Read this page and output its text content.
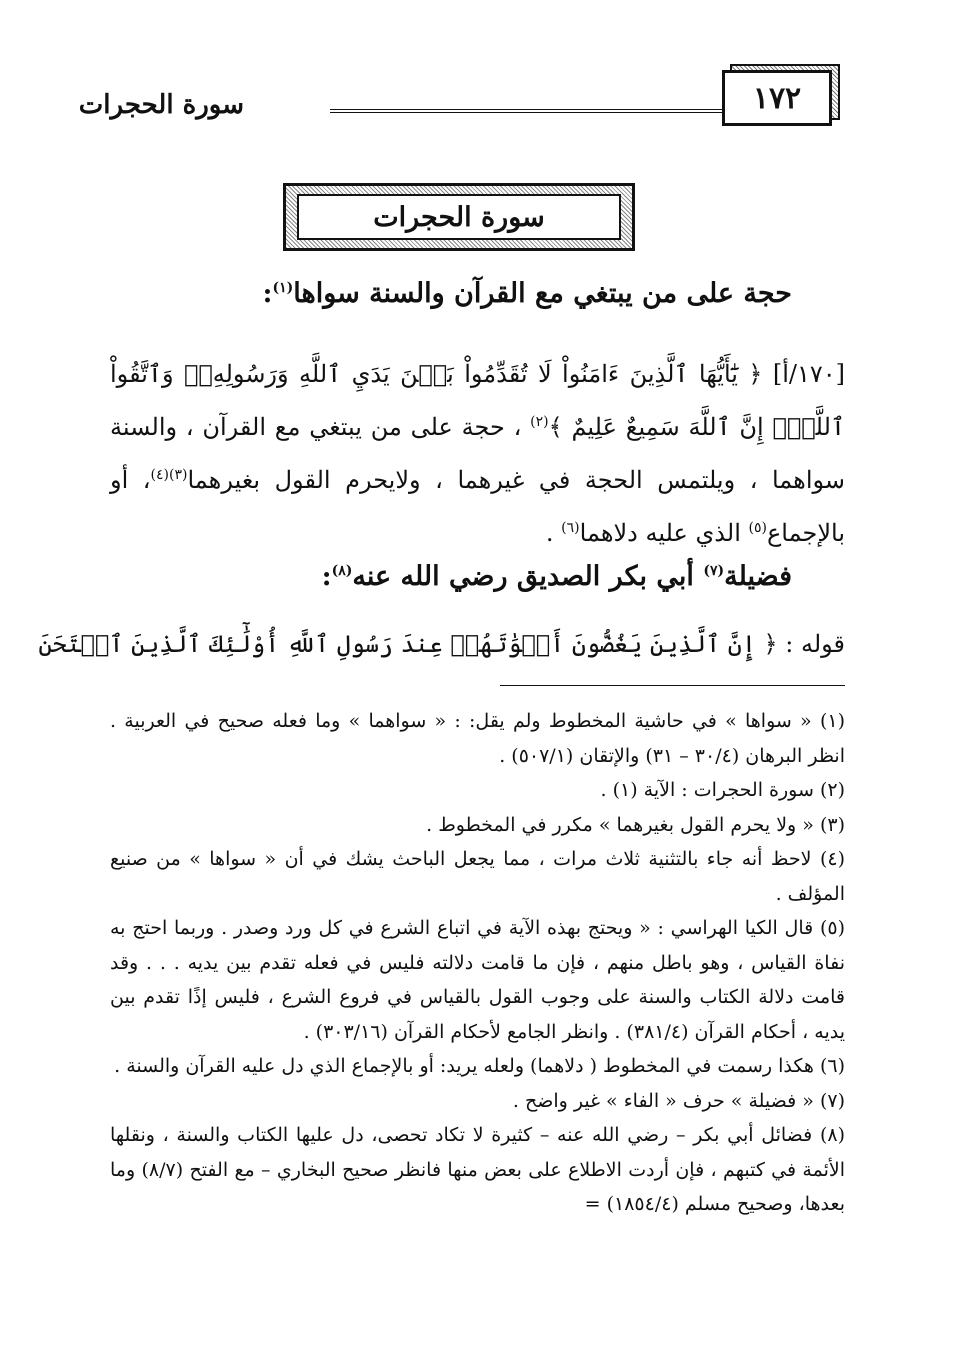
١٧٢
سورة الحجرات
سورة الحجرات
حجة على من يبتغي مع القرآن والسنة سواها$^{(١)}$:
[١٧٠/أ] ﴿ يَٰٓأَيُّهَا ٱلَّذِينَ ءَامَنُواْ لَا تُقَدِّمُواْ بَيۡنَ يَدَيِ ٱللَّهِ وَرَسُولِهِۦۖ وَٱتَّقُواْ ٱللَّهَۚ إِنَّ ٱللَّهَ سَمِيعٌ عَلِيمٌ ﴾$^{(٢)}$ ، حجة على من يبتغي مع القرآن ، والسنة سواهما ، ويلتمس الحجة في غيرهما ، ولايحرم القول بغيرهما$^{(٣)(٤)}$، أو بالإجماع$^{(٥)}$ الذي عليه دلاهما$^{(٦)}$ .
فضيلة$^{(٧)}$ أبي بكر الصديق رضي الله عنه$^{(٨)}$:
قوله : ﴿ إِنَّ ٱلَّذِينَ يَغُضُّونَ أَصۡوَٰتَهُمۡ عِندَ رَسُولِ ٱللَّهِ أُوْلَٰٓئِكَ ٱلَّذِينَ ٱمۡتَحَنَ

(١) « سواها » في حاشية المخطوط ولم يقل: : « سواهما » وما فعله صحيح في العربية . انظر البرهان (٣٠/٤ – ٣١) والإتقان (٥٠٧/١) .

(٢) سورة الحجرات : الآية (١) .

(٣) « ولا يحرم القول بغيرهما » مكرر في المخطوط .

(٤) لاحظ أنه جاء بالتثنية ثلاث مرات ، مما يجعل الباحث يشك في أن « سواها » من صنيع المؤلف .

(٥) قال الكيا الهراسي : « ويحتج بهذه الآية في اتباع الشرع في كل ورد وصدر . وربما احتج به نفاة القياس ، وهو باطل منهم ، فإن ما قامت دلالته فليس في فعله تقدم بين يديه . . . وقد قامت دلالة الكتاب والسنة على وجوب القول بالقياس في فروع الشرع ، فليس إذًا تقدم بين يديه ، أحكام القرآن (٣٨١/٤) . وانظر الجامع لأحكام القرآن (٣٠٣/١٦) .

(٦) هكذا رسمت في المخطوط ( دلاهما) ولعله يريد: أو بالإجماع الذي دل عليه القرآن والسنة .

(٧) « فضيلة » حرف « الفاء » غير واضح .

(٨) فضائل أبي بكر – رضي الله عنه – كثيرة لا تكاد تحصى، دل عليها الكتاب والسنة ، ونقلها الأئمة في كتبهم ، فإن أردت الاطلاع على بعض منها فانظر صحيح البخاري – مع الفتح (٨/٧) وما بعدها، وصحيح مسلم (١٨٥٤/٤) =
